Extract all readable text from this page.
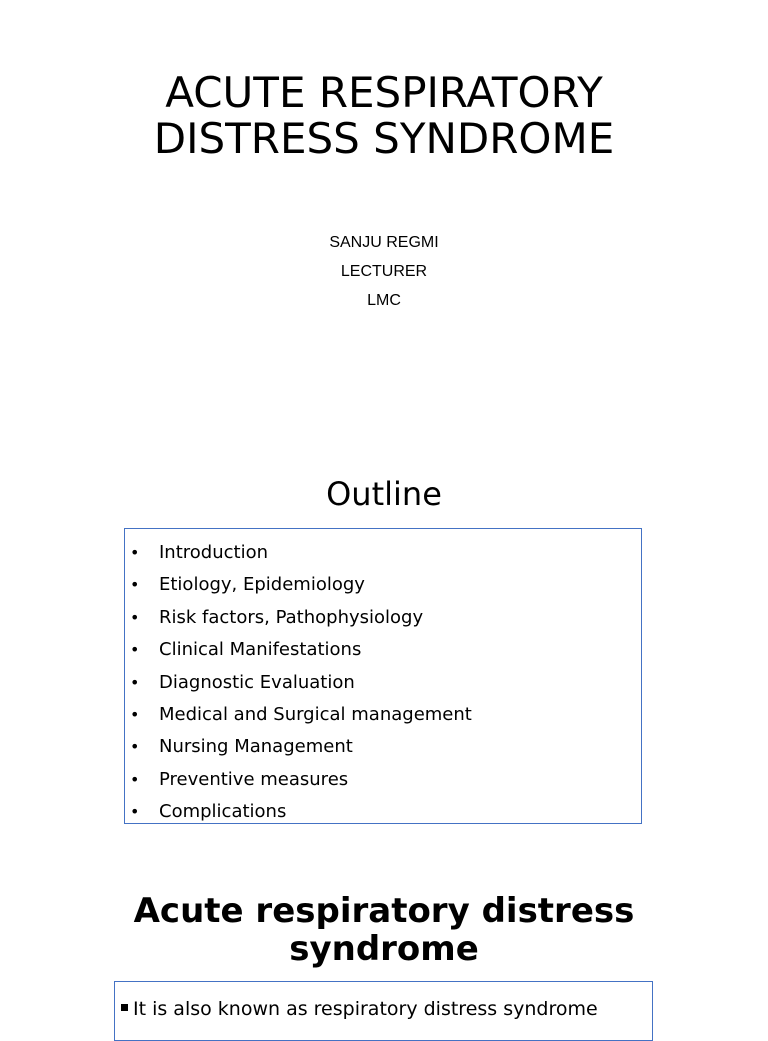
ACUTE RESPIRATORY
DISTRESS SYNDROME
SANJU REGMI
LECTURER
LMC
Outline
• Introduction
• Etiology, Epidemiology
• Risk factors, Pathophysiology
• Clinical Manifestations
• Diagnostic Evaluation
• Medical and Surgical management
• Nursing Management
• Preventive measures
• Complications
Acute respiratory distress
syndrome
It is also known as respiratory distress syndrome
